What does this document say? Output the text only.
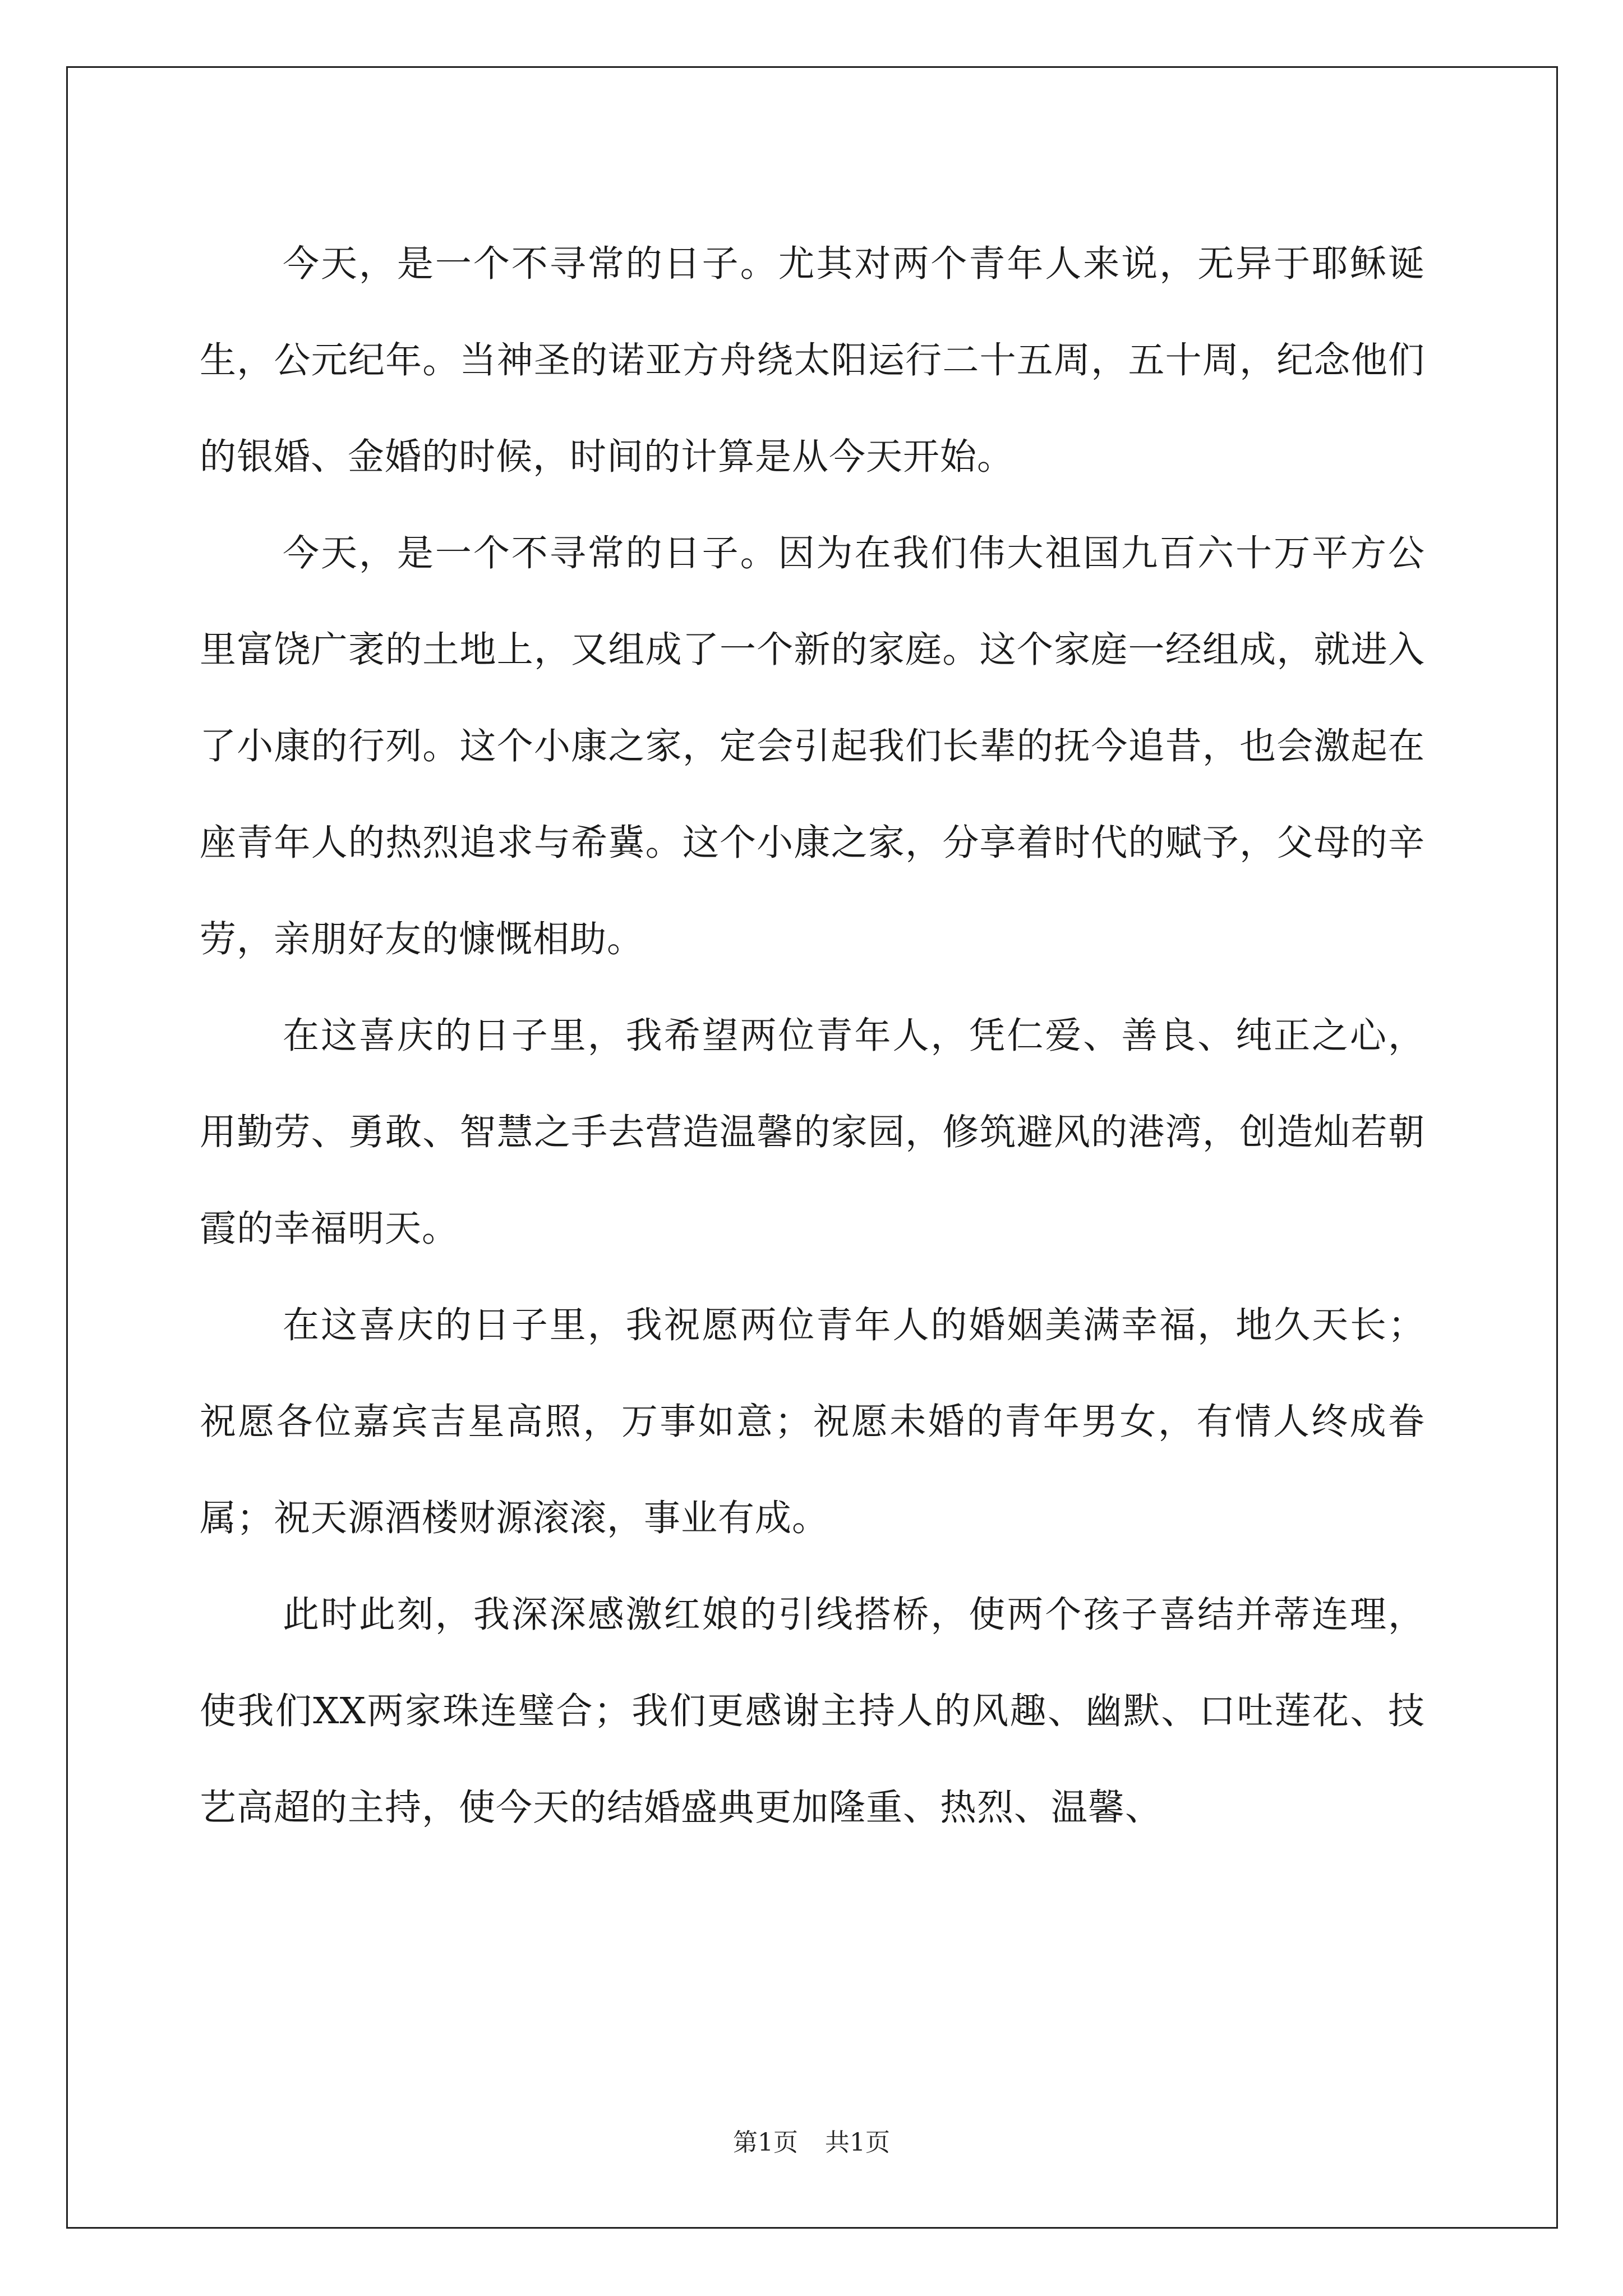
今天，是一个不寻常的日子。尤其对两个青年人来说，无异于耶稣诞生，公元纪年。当神圣的诺亚方舟绕太阳运行二十五周，五十周，纪念他们的银婚、金婚的时候，时间的计算是从今天开始。

今天，是一个不寻常的日子。因为在我们伟大祖国九百六十万平方公里富饶广袤的土地上，又组成了一个新的家庭。这个家庭一经组成，就进入了小康的行列。这个小康之家，定会引起我们长辈的抚今追昔，也会激起在座青年人的热烈追求与希冀。这个小康之家，分享着时代的赋予，父母的辛劳，亲朋好友的慷慨相助。

在这喜庆的日子里，我希望两位青年人，凭仁爱、善良、纯正之心，用勤劳、勇敢、智慧之手去营造温馨的家园，修筑避风的港湾，创造灿若朝霞的幸福明天。

在这喜庆的日子里，我祝愿两位青年人的婚姻美满幸福，地久天长；祝愿各位嘉宾吉星高照，万事如意；祝愿未婚的青年男女，有情人终成眷属；祝天源酒楼财源滚滚，事业有成。

此时此刻，我深深感激红娘的引线搭桥，使两个孩子喜结并蒂连理，使我们XX两家珠连璧合；我们更感谢主持人的风趣、幽默、口吐莲花、技艺高超的主持，使今天的结婚盛典更加隆重、热烈、温馨、

第1页 共1页
